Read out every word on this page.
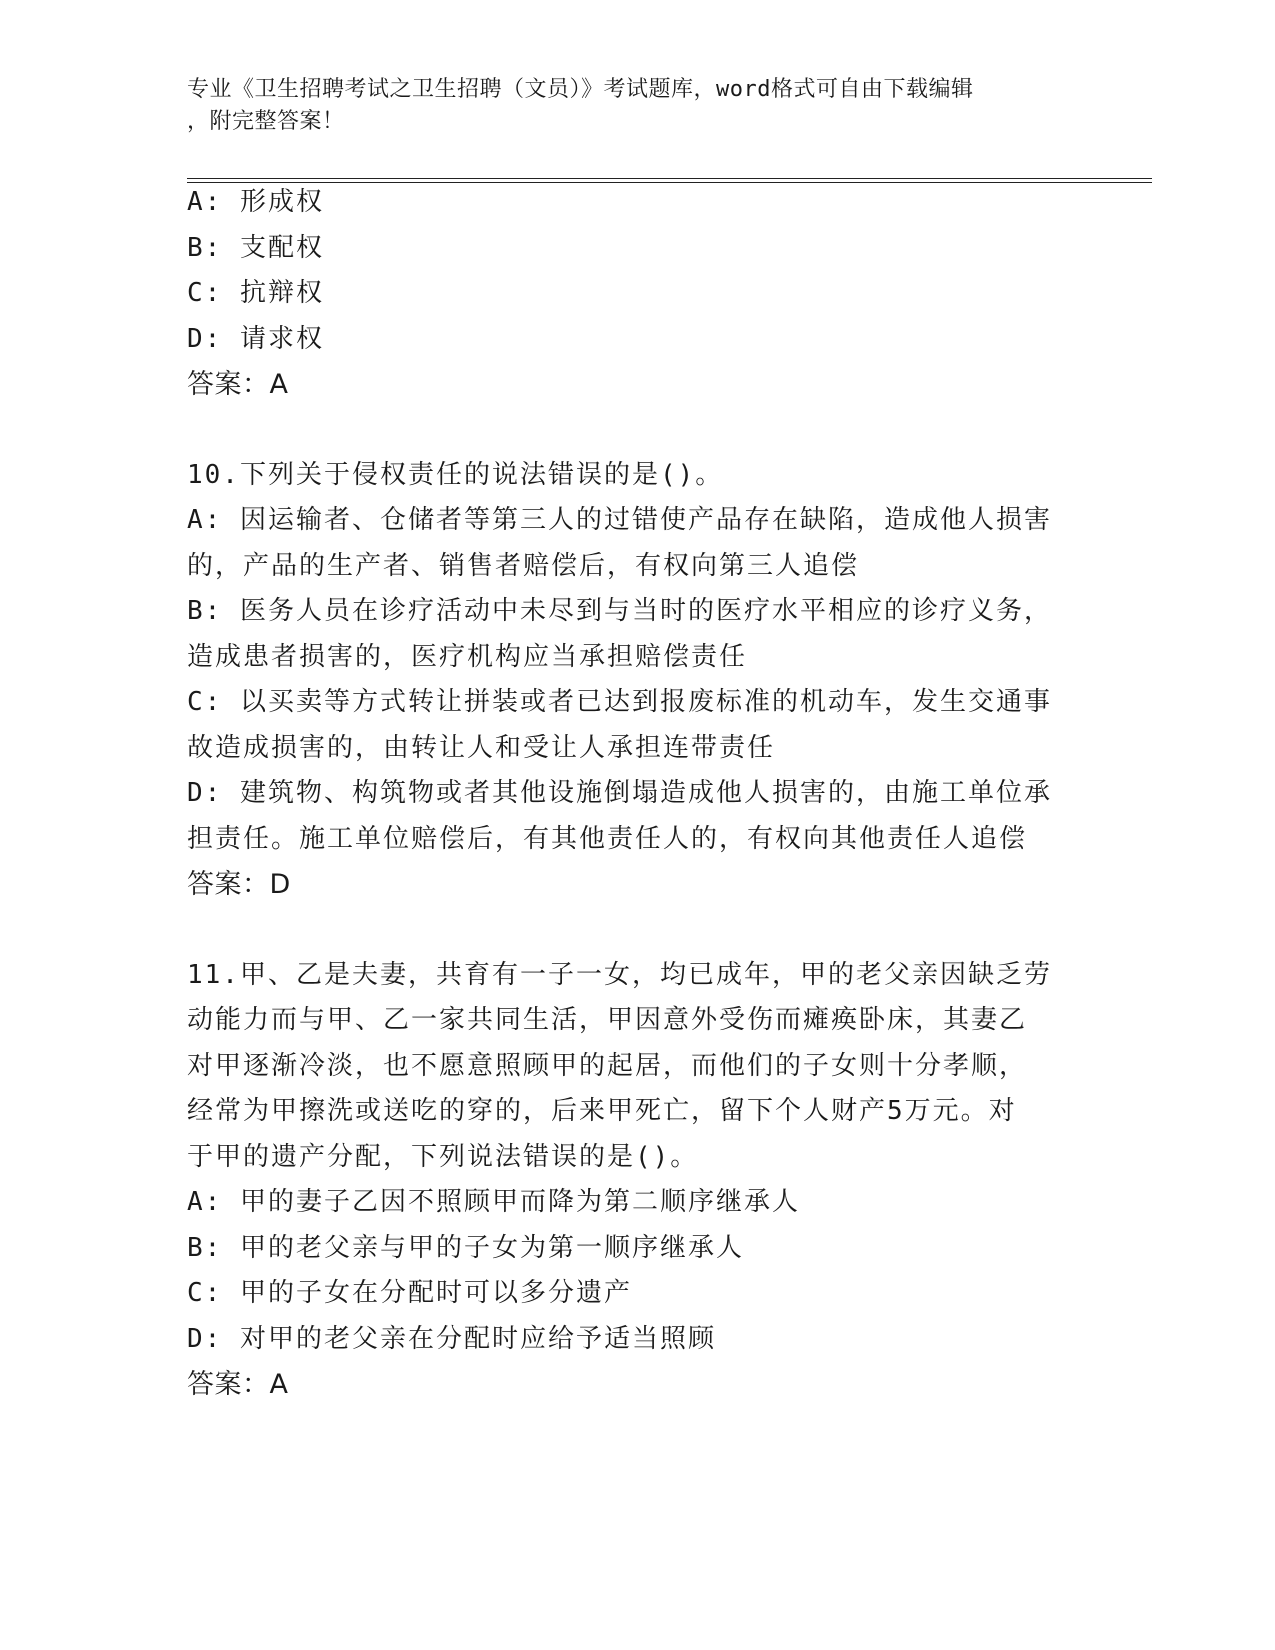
专业《卫生招聘考试之卫生招聘（文员）》考试题库，word格式可自由下载编辑
，附完整答案！
A: 形成权
B: 支配权
C: 抗辩权
D: 请求权
答案：A
10.下列关于侵权责任的说法错误的是()。
A: 因运输者、仓储者等第三人的过错使产品存在缺陷，造成他人损害
的，产品的生产者、销售者赔偿后，有权向第三人追偿
B: 医务人员在诊疗活动中未尽到与当时的医疗水平相应的诊疗义务，
造成患者损害的，医疗机构应当承担赔偿责任
C: 以买卖等方式转让拼装或者已达到报废标准的机动车，发生交通事
故造成损害的，由转让人和受让人承担连带责任
D: 建筑物、构筑物或者其他设施倒塌造成他人损害的，由施工单位承
担责任。施工单位赔偿后，有其他责任人的，有权向其他责任人追偿
答案：D
11.甲、乙是夫妻，共育有一子一女，均已成年，甲的老父亲因缺乏劳
动能力而与甲、乙一家共同生活，甲因意外受伤而瘫痪卧床，其妻乙
对甲逐渐冷淡，也不愿意照顾甲的起居，而他们的子女则十分孝顺，
经常为甲擦洗或送吃的穿的，后来甲死亡，留下个人财产5万元。对
于甲的遗产分配，下列说法错误的是()。
A: 甲的妻子乙因不照顾甲而降为第二顺序继承人
B: 甲的老父亲与甲的子女为第一顺序继承人
C: 甲的子女在分配时可以多分遗产
D: 对甲的老父亲在分配时应给予适当照顾
答案：A
